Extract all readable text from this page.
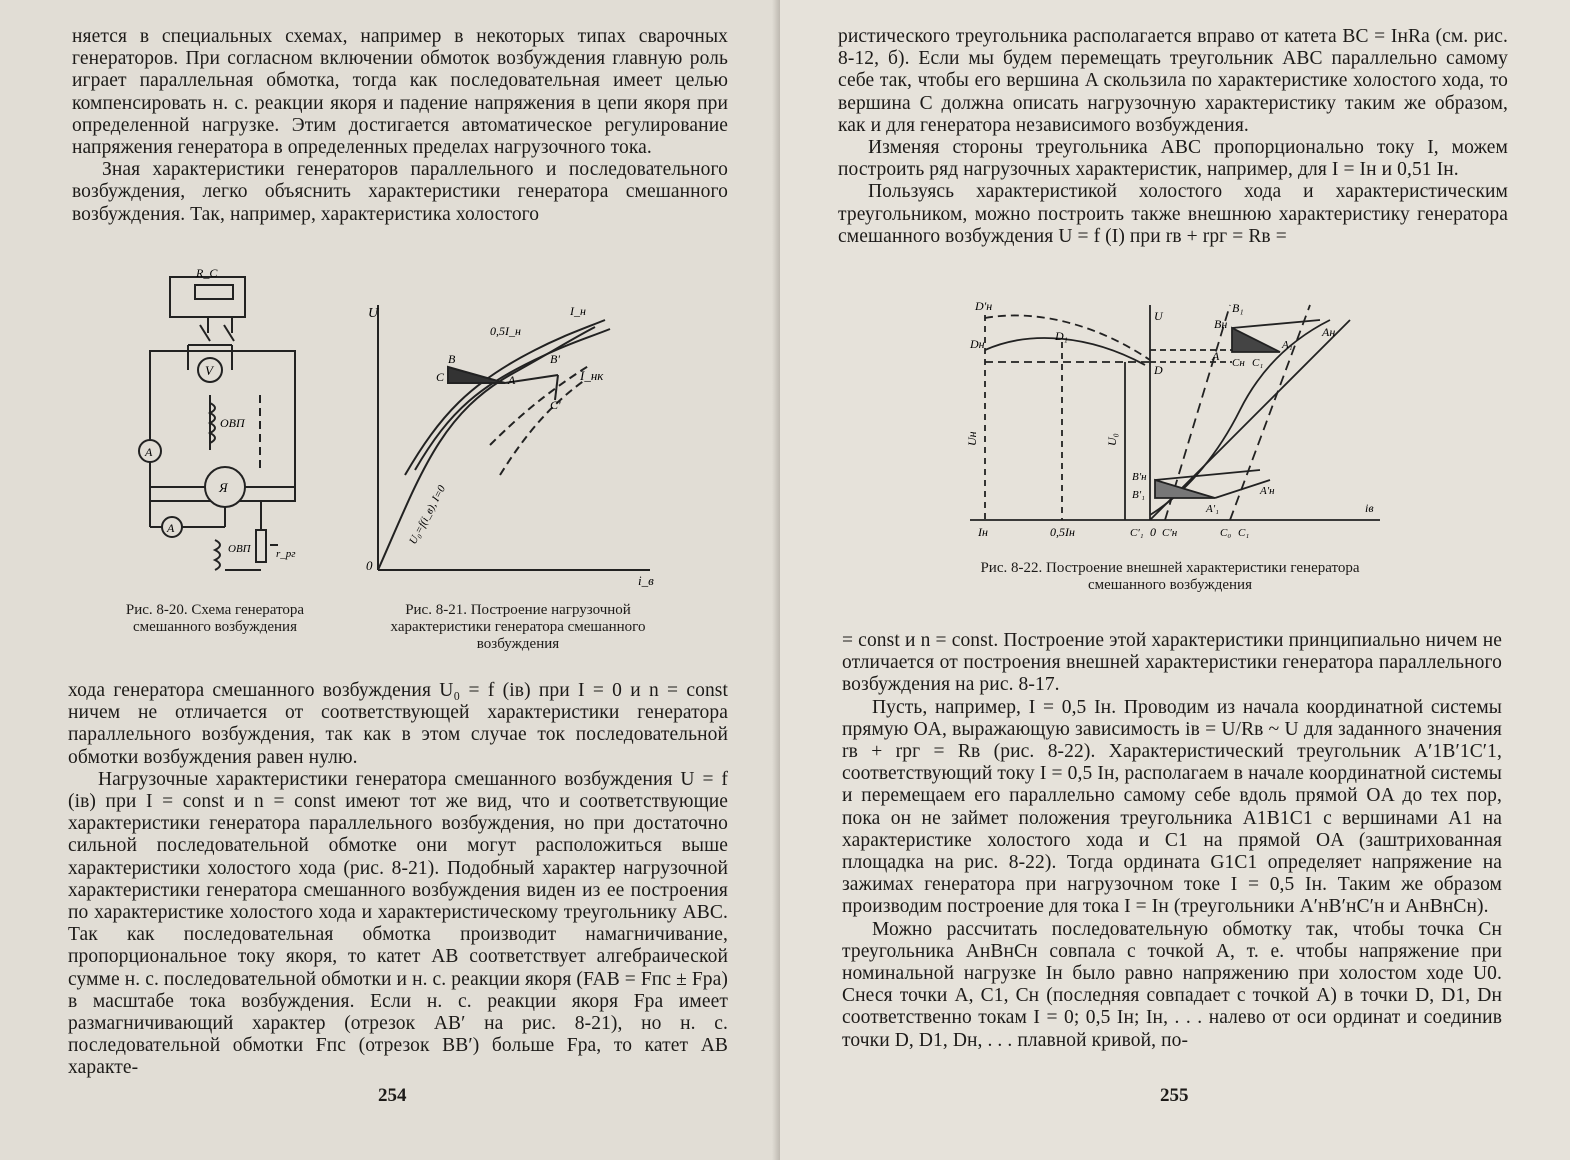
няется в специальных схемах, например в некоторых типах сварочных генераторов. При согласном включении обмоток возбуждения главную роль играет параллельная обмотка, тогда как последовательная имеет целью компенсировать н. с. реакции якоря и падение напряжения в цепи якоря при определенной нагрузке. Этим достигается автоматическое регулирование напряжения генератора в определенных пределах нагрузочного тока.

Зная характеристики генераторов параллельного и последовательного возбуждения, легко объяснить характеристики генератора смешанного возбуждения. Так, например, характеристика холостого

R_C
V
ОВП
A
Я
A
ОВП r_рг
Рис. 8-20. Схема генератора смешанного возбуждения
U
0
i_в
I_н
0,5I_н
B
C	A
B'
C'
I_нк
U₀=f(i_в), I=0
Рис. 8-21. Построение нагрузочной характеристики генератора смешанного возбуждения

хода генератора смешанного возбуждения U₀ = f (iв) при I = 0 и n = const ничем не отличается от соответствующей характеристики генератора параллельного возбуждения, так как в этом случае ток последовательной обмотки возбуждения равен нулю.

Нагрузочные характеристики генератора смешанного возбуждения U = f (iв) при I = const и n = const имеют тот же вид, что и соответствующие характеристики генератора параллельного возбуждения, но при достаточно сильной последовательной обмотке они могут расположиться выше характеристики холостого хода (рис. 8-21). Подобный характер нагрузочной характеристики генератора смешанного возбуждения виден из ее построения по характеристике холостого хода и характеристическому треугольнику ABC. Так как последовательная обмотка производит намагничивание, пропорциональное току якоря, то катет AB соответствует алгебраической сумме н. с. последовательной обмотки и н. с. реакции якоря (FAB = Fпс ± Fpa) в масштабе тока возбуждения. Если н. с. реакции якоря Fpa имеет размагничивающий характер (отрезок AB′ на рис. 8-21), но н. с. последовательной обмотки Fпс (отрезок BB′) больше Fpa, то катет AB характе-

254

ристического треугольника располагается вправо от катета BC = IнRa (см. рис. 8-12, б). Если мы будем перемещать треугольник ABC параллельно самому себе так, чтобы его вершина A скользила по характеристике холостого хода, то вершина C должна описать нагрузочную характеристику таким же образом, как и для генератора независимого возбуждения.

Изменяя стороны треугольника ABC пропорционально току I, можем построить ряд нагрузочных характеристик, например, для I = Iн и 0,51 Iн.

Пользуясь характеристикой холостого хода и характеристическим треугольником, можно построить также внешнюю характеристику генератора смешанного возбуждения U = f (I) при rв + rрг = Rв =

D′н
Dн
D₁
D
U
Bн
B₁
A Cн C₁
A₁
Aн
Uн	U₀
B′н
B′₁
A′₁
A′н
Iн	0,5Iн	C′₁ 0 C′н	C₀ C₁
iв
Рис. 8-22. Построение внешней характеристики генератора смешанного возбуждения

= const и n = const. Построение этой характеристики принципиально ничем не отличается от построения внешней характеристики генератора параллельного возбуждения на рис. 8-17.

Пусть, например, I = 0,5 Iн. Проводим из начала координатной системы прямую OA, выражающую зависимость iв = U/Rв ~ U для заданного значения rв + rрг = Rв (рис. 8-22). Характеристический треугольник A′1B′1C′1, соответствующий току I = 0,5 Iн, располагаем в начале координатной системы и перемещаем его параллельно самому себе вдоль прямой OA до тех пор, пока он не займет положения треугольника A1B1C1 с вершинами A1 на характеристике холостого хода и C1 на прямой OA (заштрихованная площадка на рис. 8-22). Тогда ордината G1C1 определяет напряжение на зажимах генератора при нагрузочном токе I = 0,5 Iн. Таким же образом производим построение для тока I = Iн (треугольники A′нB′нC′н и AнBнCн).

Можно рассчитать последовательную обмотку так, чтобы точка Cн треугольника AнBнCн совпала с точкой A, т. е. чтобы напряжение при номинальной нагрузке Iн было равно напряжению при холостом ходе U0. Снеся точки A, C1, Cн (последняя совпадает с точкой A) в точки D, D1, Dн соответственно токам I = 0; 0,5 Iн; Iн, . . . налево от оси ординат и соединив точки D, D1, Dн, . . . плавной кривой, по-

255
